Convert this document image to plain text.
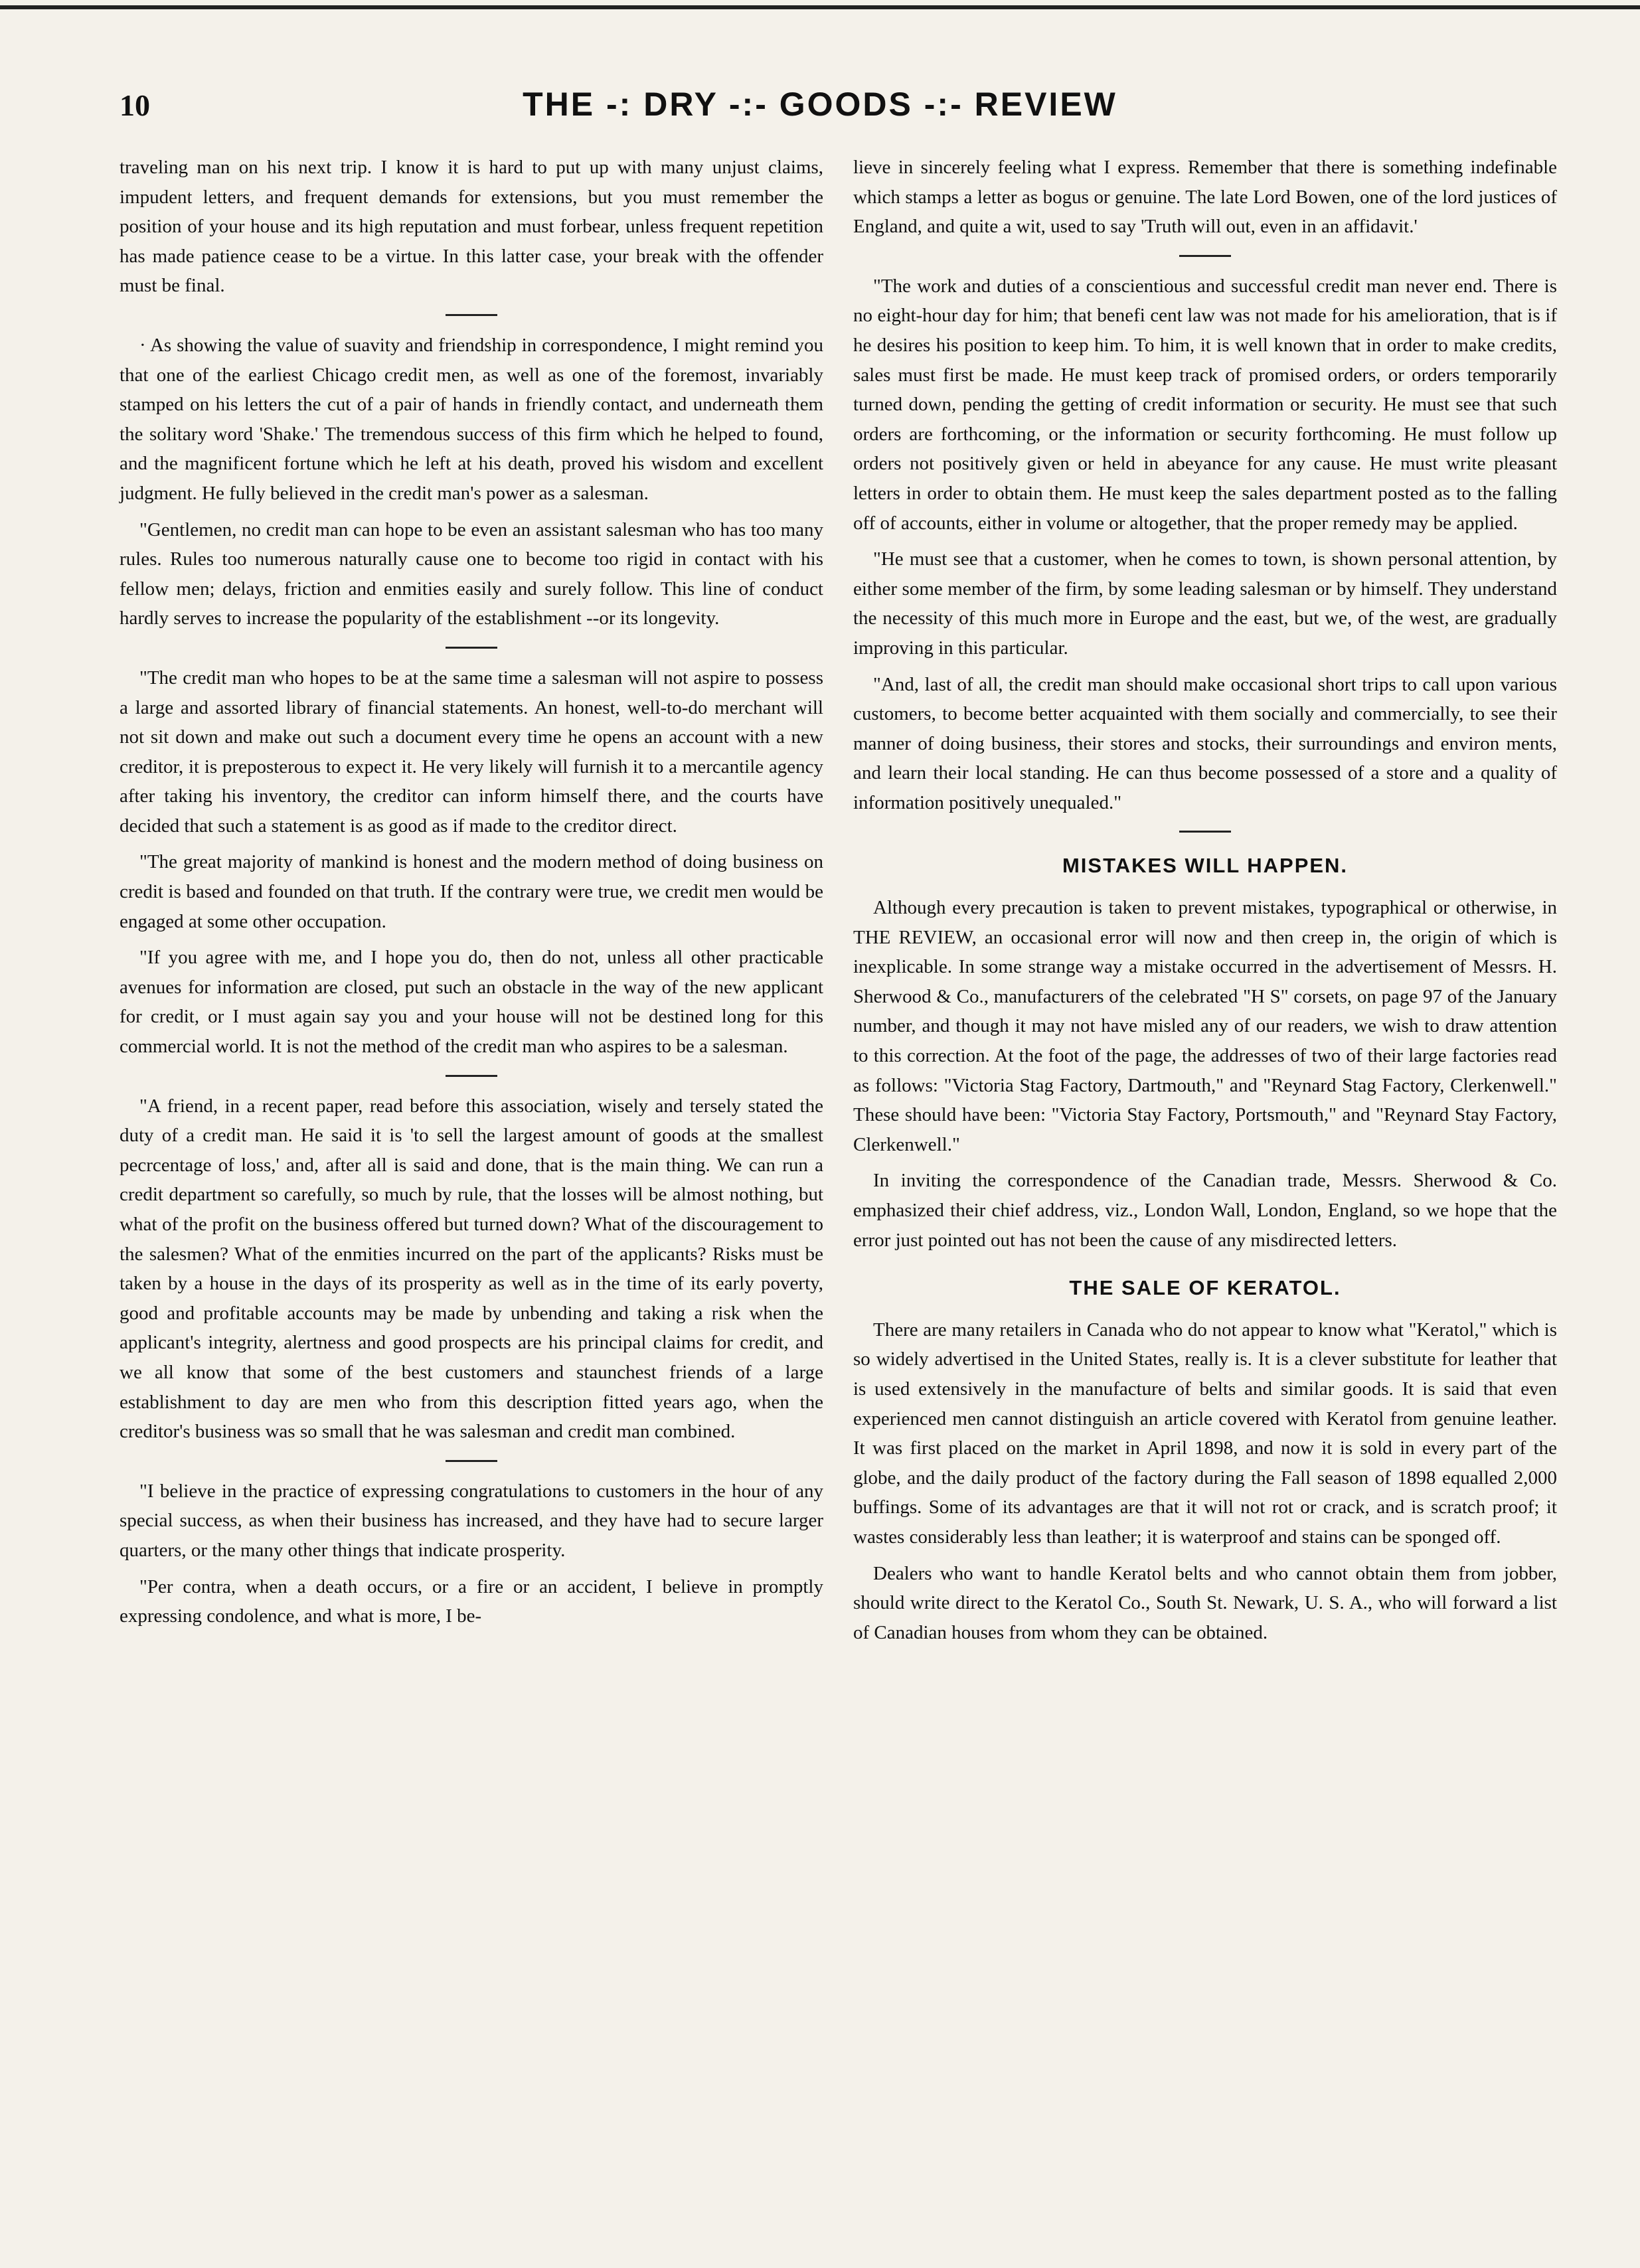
10	THE -: DRY -:- GOODS -:- REVIEW

traveling man on his next trip. I know it is hard to put up with many unjust claims, impudent letters, and frequent demands for extensions, but you must remember the position of your house and its high reputation and must forbear, unless frequent repetition has made patience cease to be a virtue. In this latter case, your break with the offender must be final.

· As showing the value of suavity and friendship in correspondence, I might remind you that one of the earliest Chicago credit men, as well as one of the foremost, invariably stamped on his letters the cut of a pair of hands in friendly contact, and underneath them the solitary word 'Shake.' The tremendous success of this firm which he helped to found, and the magnificent fortune which he left at his death, proved his wisdom and excellent judgment. He fully believed in the credit man's power as a salesman.

"Gentlemen, no credit man can hope to be even an assistant salesman who has too many rules. Rules too numerous naturally cause one to become too rigid in contact with his fellow men; delays, friction and enmities easily and surely follow. This line of conduct hardly serves to increase the popularity of the establishment --or its longevity.

"The credit man who hopes to be at the same time a salesman will not aspire to possess a large and assorted library of financial statements. An honest, well-to-do merchant will not sit down and make out such a document every time he opens an account with a new creditor, it is preposterous to expect it. He very likely will furnish it to a mercantile agency after taking his inventory, the creditor can inform himself there, and the courts have decided that such a statement is as good as if made to the creditor direct.

"The great majority of mankind is honest and the modern method of doing business on credit is based and founded on that truth. If the contrary were true, we credit men would be engaged at some other occupation.

"If you agree with me, and I hope you do, then do not, unless all other practicable avenues for information are closed, put such an obstacle in the way of the new applicant for credit, or I must again say you and your house will not be destined long for this commercial world. It is not the method of the credit man who aspires to be a salesman.

"A friend, in a recent paper, read before this association, wisely and tersely stated the duty of a credit man. He said it is 'to sell the largest amount of goods at the smallest pecrcentage of loss,' and, after all is said and done, that is the main thing. We can run a credit department so carefully, so much by rule, that the losses will be almost nothing, but what of the profit on the business offered but turned down? What of the discouragement to the salesmen? What of the enmities incurred on the part of the applicants? Risks must be taken by a house in the days of its prosperity as well as in the time of its early poverty, good and profitable accounts may be made by unbending and taking a risk when the applicant's integrity, alertness and good prospects are his principal claims for credit, and we all know that some of the best customers and staunchest friends of a large establishment to day are men who from this description fitted years ago, when the creditor's business was so small that he was salesman and credit man combined.

"I believe in the practice of expressing congratulations to customers in the hour of any special success, as when their business has increased, and they have had to secure larger quarters, or the many other things that indicate prosperity.

"Per contra, when a death occurs, or a fire or an accident, I believe in promptly expressing condolence, and what is more, I be-

lieve in sincerely feeling what I express. Remember that there is something indefinable which stamps a letter as bogus or genuine. The late Lord Bowen, one of the lord justices of England, and quite a wit, used to say 'Truth will out, even in an affidavit.'

"The work and duties of a conscientious and successful credit man never end. There is no eight-hour day for him; that benefi cent law was not made for his amelioration, that is if he desires his position to keep him. To him, it is well known that in order to make credits, sales must first be made. He must keep track of promised orders, or orders temporarily turned down, pending the getting of credit information or security. He must see that such orders are forthcoming, or the information or security forthcoming. He must follow up orders not positively given or held in abeyance for any cause. He must write pleasant letters in order to obtain them. He must keep the sales department posted as to the falling off of accounts, either in volume or altogether, that the proper remedy may be applied.

"He must see that a customer, when he comes to town, is shown personal attention, by either some member of the firm, by some leading salesman or by himself. They understand the necessity of this much more in Europe and the east, but we, of the west, are gradually improving in this particular.

"And, last of all, the credit man should make occasional short trips to call upon various customers, to become better acquainted with them socially and commercially, to see their manner of doing business, their stores and stocks, their surroundings and environ ments, and learn their local standing. He can thus become possessed of a store and a quality of information positively unequaled."

MISTAKES WILL HAPPEN.

Although every precaution is taken to prevent mistakes, typographical or otherwise, in THE REVIEW, an occasional error will now and then creep in, the origin of which is inexplicable. In some strange way a mistake occurred in the advertisement of Messrs. H. Sherwood & Co., manufacturers of the celebrated "H S" corsets, on page 97 of the January number, and though it may not have misled any of our readers, we wish to draw attention to this correction. At the foot of the page, the addresses of two of their large factories read as follows: "Victoria Stag Factory, Dartmouth," and "Reynard Stag Factory, Clerkenwell." These should have been: "Victoria Stay Factory, Portsmouth," and "Reynard Stay Factory, Clerkenwell."

In inviting the correspondence of the Canadian trade, Messrs. Sherwood & Co. emphasized their chief address, viz., London Wall, London, England, so we hope that the error just pointed out has not been the cause of any misdirected letters.

THE SALE OF KERATOL.

There are many retailers in Canada who do not appear to know what "Keratol," which is so widely advertised in the United States, really is. It is a clever substitute for leather that is used extensively in the manufacture of belts and similar goods. It is said that even experienced men cannot distinguish an article covered with Keratol from genuine leather. It was first placed on the market in April 1898, and now it is sold in every part of the globe, and the daily product of the factory during the Fall season of 1898 equalled 2,000 buffings. Some of its advantages are that it will not rot or crack, and is scratch proof; it wastes considerably less than leather; it is waterproof and stains can be sponged off.

Dealers who want to handle Keratol belts and who cannot obtain them from jobber, should write direct to the Keratol Co., South St. Newark, U. S. A., who will forward a list of Canadian houses from whom they can be obtained.
